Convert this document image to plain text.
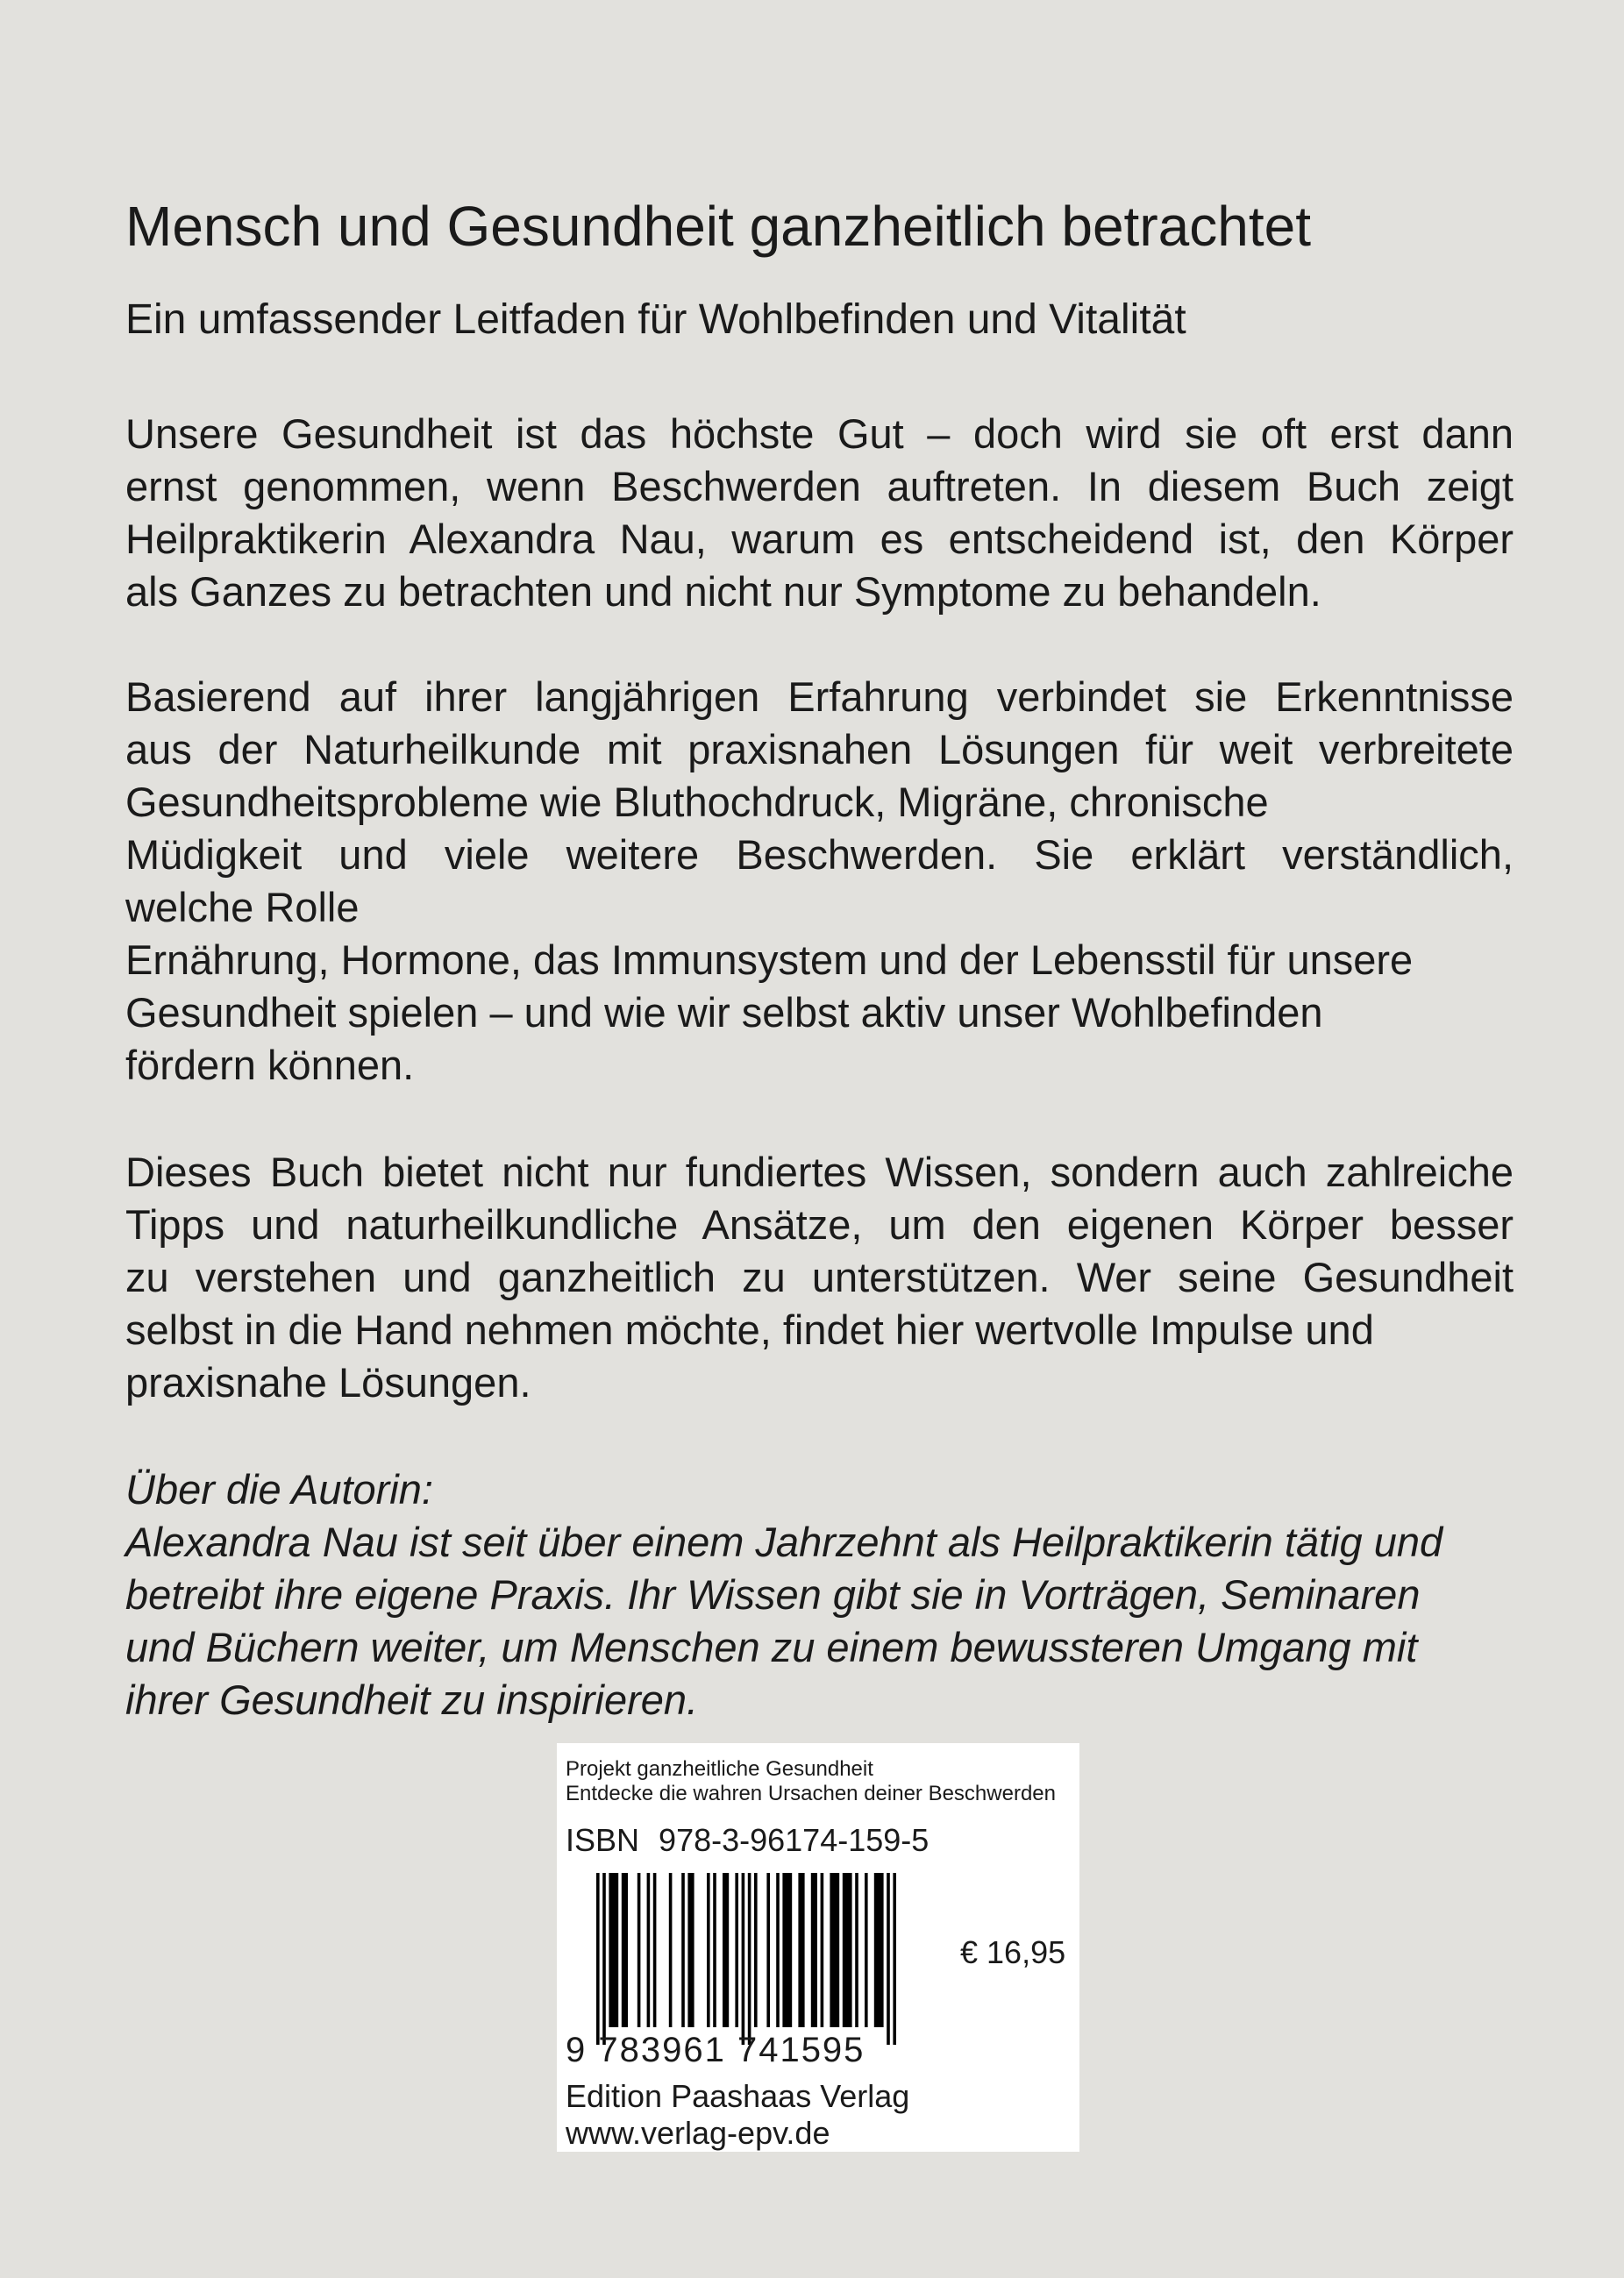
Mensch und Gesundheit ganzheitlich betrachtet
Ein umfassender Leitfaden für Wohlbefinden und Vitalität
Unsere Gesundheit ist das höchste Gut – doch wird sie oft erst dann
ernst genommen, wenn Beschwerden auftreten. In diesem Buch zeigt
Heilpraktikerin Alexandra Nau, warum es entscheidend ist, den Körper
als Ganzes zu betrachten und nicht nur Symptome zu behandeln.
Basierend auf ihrer langjährigen Erfahrung verbindet sie Erkenntnisse
aus der Naturheilkunde mit praxisnahen Lösungen für weit verbreitete
Gesundheitsprobleme wie Bluthochdruck, Migräne, chronische
Müdigkeit und viele weitere Beschwerden. Sie erklärt verständlich,
welche Rolle
Ernährung, Hormone, das Immunsystem und der Lebensstil für unsere
Gesundheit spielen – und wie wir selbst aktiv unser Wohlbefinden
fördern können.
Dieses Buch bietet nicht nur fundiertes Wissen, sondern auch zahlreiche
Tipps und naturheilkundliche Ansätze, um den eigenen Körper besser
zu verstehen und ganzheitlich zu unterstützen. Wer seine Gesundheit
selbst in die Hand nehmen möchte, findet hier wertvolle Impulse und
praxisnahe Lösungen.
Über die Autorin:
Alexandra Nau ist seit über einem Jahrzehnt als Heilpraktikerin tätig und
betreibt ihre eigene Praxis. Ihr Wissen gibt sie in Vorträgen, Seminaren
und Büchern weiter, um Menschen zu einem bewussteren Umgang mit
ihrer Gesundheit zu inspirieren.
Projekt ganzheitliche Gesundheit
Entdecke die wahren Ursachen deiner Beschwerden
ISBN 978-3-96174-159-5
€ 16,95
9 783961 741595
Edition Paashaas Verlag
www.verlag-epv.de
